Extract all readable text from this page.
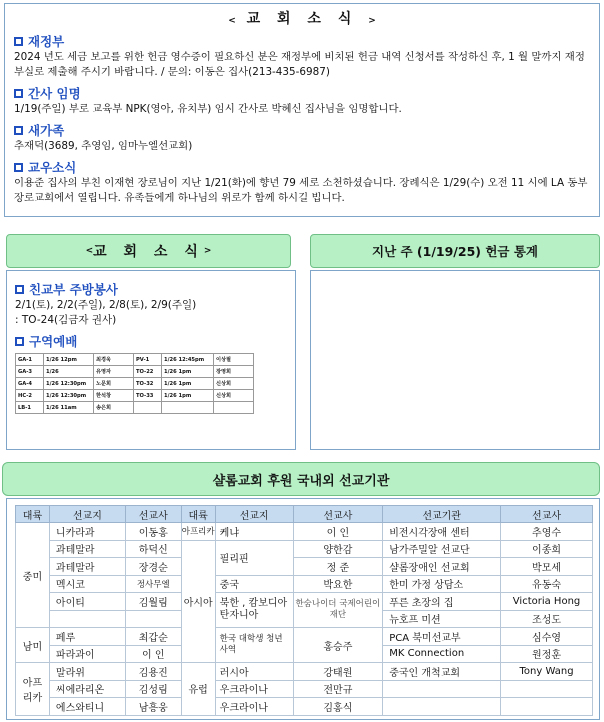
< 교 회 소 식 >
재정부
2024 년도 세금 보고를 위한 헌금 영수증이 필요하신 분은 재정부에 비치된 헌금 내역 신청서를 작성하신 후, 1 월 말까지 재정부실로 제출해 주시기 바랍니다. / 문의: 이동은 집사(213-435-6987)
간사 임명
1/19(주일) 부로 교육부 NPK(영아, 유치부) 임시 간사로 박혜신 집사님을 임명합니다.
새가족
추재덕(3689, 추영임, 임마누엘선교회)
교우소식
이용준 집사의 부친 이재현 장로님이 지난 1/21(화)에 향년 79 세로 소천하셨습니다. 장례식은 1/29(수) 오전 11 시에 LA 동부장로교회에서 열립니다. 유족들에게 하나님의 위로가 함께 하시길 빕니다.
< 교 회 소 식 >	지난 주 (1/19/25) 헌금 통계
친교부 주방봉사
2/1(토), 2/2(주일), 2/8(토), 2/9(주일)
: TO-24(김금자 권사)
구역예배
GA-1	1/26 12pm	최경욱	PV-1	1/26 12:45pm	이상필
GA-3	1/26	유영자	TO-22	1/26 1pm	장영희
GA-4	1/26 12:30pm	노문희	TO-32	1/26 1pm	신상희
HC-2	1/26 12:30pm	한석창	TO-33	1/26 1pm	신상희
LB-1	1/26 11am	송은희			
샬롬교회 후원 국내외 선교기관
대륙	선교지	선교사	대륙	선교지	선교사	선교기관	선교사
중미	니카라과	이동홍	아프리카	케냐	이 인	비전시각장애 센터	추영수
	과테말라	하덕신	아시아	필리핀	양한감	남가주밀알 선교단	이종희
	과테말라	장경순			정 준	샬롬장애인 선교회	박모세
	멕시코	정사무엘		중국	박요한	한미 가정 상담소	유동숙
	아이티	김월림		북한 , 캄보디아 탄자니아	한숨나이더 국제어린이 재단	푸른 초장의 집	Victoria Hong
						뉴호프 미션	조성도
남미	페루	최갑순		한국 대학생 청년 사역	홍승주	PCA 북미선교부	심수영
	파라과이	이 인				MK Connection	원정훈
아프리카	말라위	김용진	유럽	러시아	강태원	중국인 개척교회	Tony Wang
	씨에라리온	김성림		우크라이나	전만규		
	에스와티니	남흥웅		우크라이나	김홍식		
